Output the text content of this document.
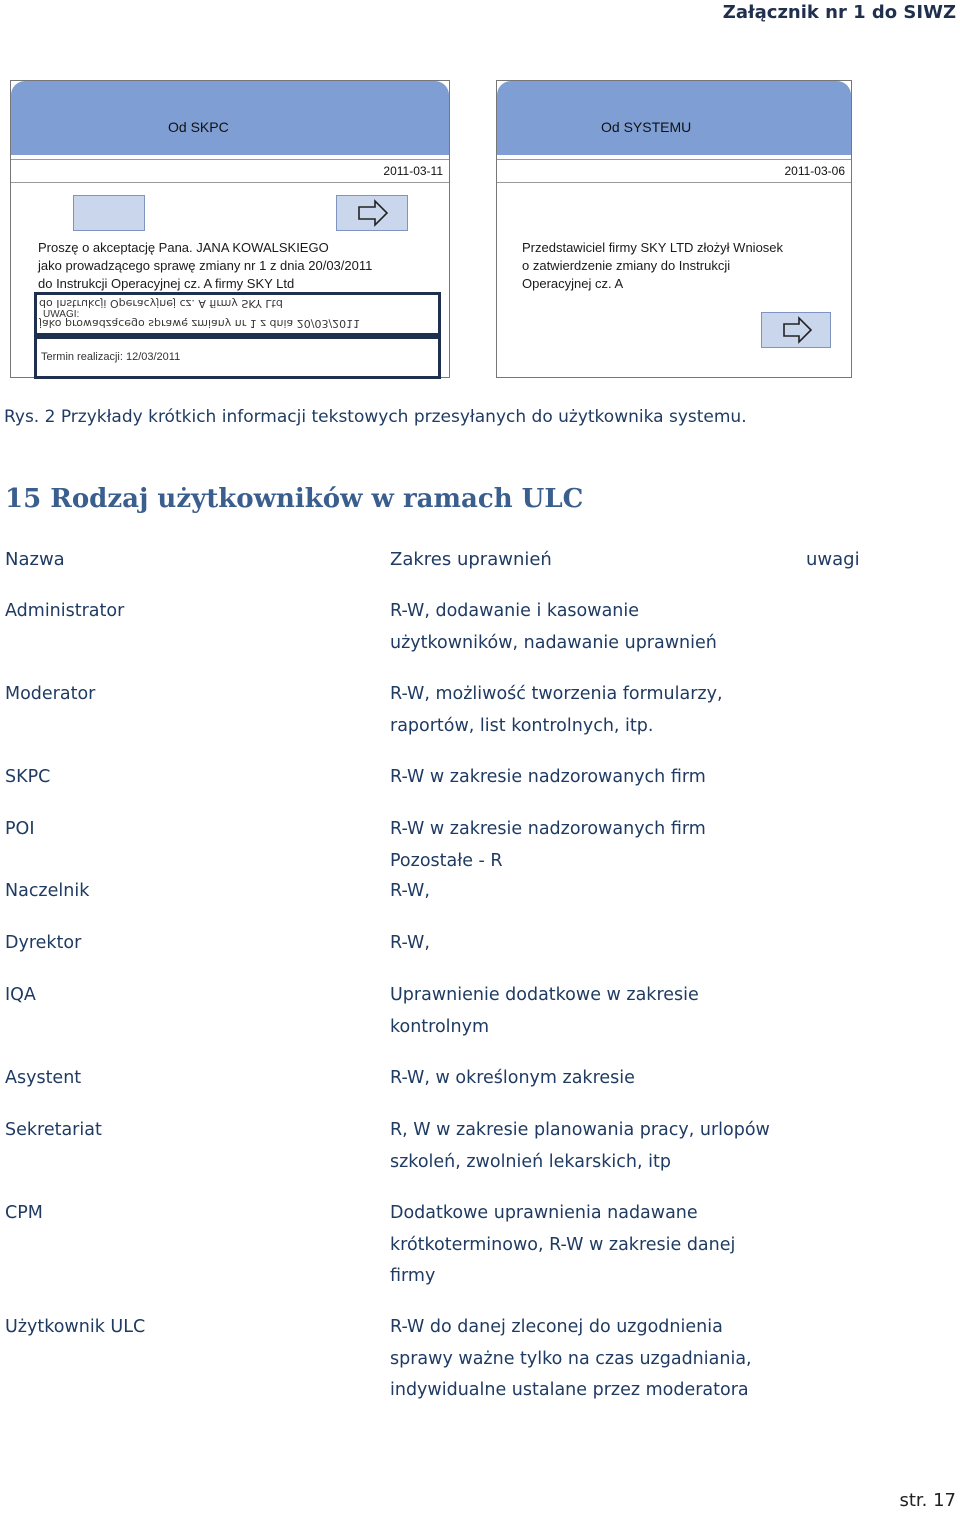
Załącznik nr 1 do SIWZ
Od SKPC
2011-03-11
Proszę o akceptację Pana. JANA KOWALSKIEGO
jako prowadzącego sprawę zmiany nr 1 z dnia 20/03/2011
do Instrukcji Operacyjnej cz. A firmy SKY Ltd
do Instrukcji Operacyjnej cz. A firmy SKY Ltd
UWAGI:
jako prowadzącego sprawę zmiany nr 1 z dnia 20/03/2011
Termin realizacji: 12/03/2011
Od SYSTEMU
2011-03-06
Przedstawiciel firmy SKY LTD złożył Wniosek
o zatwierdzenie zmiany do Instrukcji
Operacyjnej cz. A
Rys. 2 Przykłady krótkich informacji tekstowych przesyłanych do użytkownika systemu.
15 Rodzaj użytkowników w ramach ULC
Nazwa	Zakres uprawnień	uwagi
Administrator	R-W, dodawanie i kasowanie
użytkowników, nadawanie uprawnień
Moderator	R-W, możliwość tworzenia formularzy,
raportów, list kontrolnych, itp.
SKPC	R-W w zakresie nadzorowanych firm
POI	R-W w zakresie nadzorowanych firm
Pozostałe - R
Naczelnik	R-W,
Dyrektor	R-W,
IQA	Uprawnienie dodatkowe w zakresie
kontrolnym
Asystent	R-W, w określonym zakresie
Sekretariat	R, W w zakresie planowania pracy, urlopów
szkoleń, zwolnień lekarskich, itp
CPM	Dodatkowe uprawnienia nadawane
krótkoterminowo, R-W w zakresie danej
firmy
Użytkownik ULC	R-W do danej zleconej do uzgodnienia
sprawy ważne tylko na czas uzgadniania,
indywidualne ustalane przez moderatora
str. 17
